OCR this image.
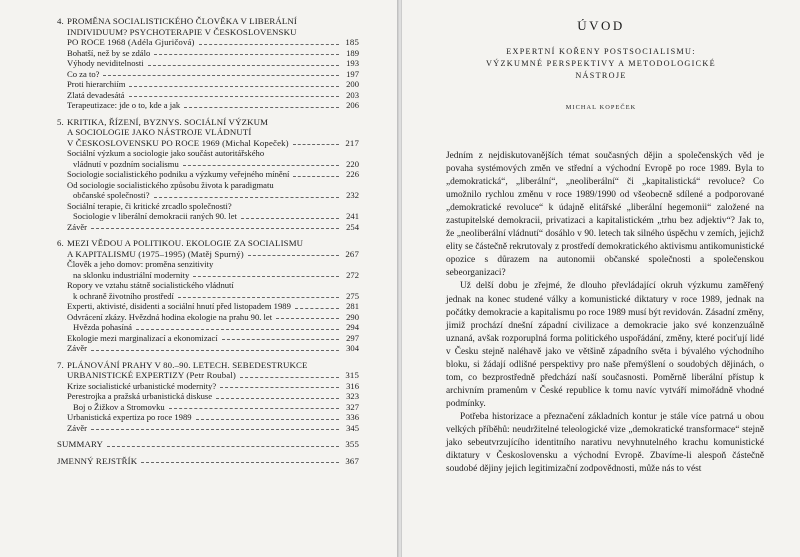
4. PROMĚNA SOCIALISTICKÉHO ČLOVĚKA V LIBERÁLNÍ
INDIVIDUUM? PSYCHOTERAPIE V ČESKOSLOVENSKU
PO ROCE 1968 (Adéla Gjuričová)	185
Bohatší, než by se zdálo	189
Výhody neviditelnosti	193
Co za to?	197
Proti hierarchiím	200
Zlatá devadesátá	203
Terapeutizace: jde o to, kde a jak	206
5. KRITIKA, ŘÍZENÍ, BYZNYS. SOCIÁLNÍ VÝZKUM
A SOCIOLOGIE JAKO NÁSTROJE VLÁDNUTÍ
V ČESKOSLOVENSKU PO ROCE 1969 (Michal Kopeček)	217
Sociální výzkum a sociologie jako součást autoritářského
vládnutí v pozdním socialismu	220
Sociologie socialistického podniku a výzkumy veřejného mínění	226
Od sociologie socialistického způsobu života k paradigmatu
občanské společnosti?	232
Sociální terapie, či kritické zrcadlo společnosti?
Sociologie v liberální demokracii raných 90. let	241
Závěr	254
6. MEZI VĚDOU A POLITIKOU. EKOLOGIE ZA SOCIALISMU
A KAPITALISMU (1975–1995) (Matěj Spurný)	267
Člověk a jeho domov: proměna senzitivity
na sklonku industriální modernity	272
Ropory ve vztahu státně socialistického vládnutí
k ochraně životního prostředí	275
Experti, aktivisté, disidenti a sociální hnutí před listopadem 1989	281
Odvrácení zkázy. Hvězdná hodina ekologie na prahu 90. let	290
Hvězda pohasíná	294
Ekologie mezi marginalizací a ekonomizací	297
Závěr	304
7. PLÁNOVÁNÍ PRAHY V 80.–90. LETECH. SEBEDESTRUKCE
URBANISTICKÉ EXPERTIZY (Petr Roubal)	315
Krize socialistické urbanistické modernity?	316
Perestrojka a pražská urbanistická diskuse	323
Boj o Žižkov a Stromovku	327
Urbanistická expertiza po roce 1989	336
Závěr	345
SUMMARY	355
JMENNÝ REJSTŘÍK	367
ÚVOD
EXPERTNÍ KOŘENY POSTSOCIALISMU:
VÝZKUMNÉ PERSPEKTIVY A METODOLOGICKÉ
NÁSTROJE
MICHAL KOPEČEK

Jedním z nejdiskutovanějších témat současných dějin a společenských věd je povaha systémových změn ve střední a východní Evropě po roce 1989. Byla to „demokratická“, „liberální“, „neoliberální“ či „kapitalistická“ revoluce? Co umožnilo rychlou změnu v roce 1989/1990 od všeobecně sdílené a podporované „demokratické revoluce“ k údajně elitářské „liberální hegemonii“ založené na zastupitelské demokracii, privatizaci a kapitalistickém „trhu bez adjektiv“? Jak to, že „neoliberální vládnutí“ dosáhlo v 90. letech tak silného úspěchu v zemích, jejichž elity se částečně rekrutovaly z prostředí demokratického aktivismu antikomunistické opozice s důrazem na autonomii občanské společnosti a společenskou sebeorganizaci?

Už delší dobu je zřejmé, že dlouho převládající okruh výzkumu zaměřený jednak na konec studené války a komunistické diktatury v roce 1989, jednak na počátky demokracie a kapitalismu po roce 1989 musí být revidován. Zásadní změny, jimiž prochází dnešní západní civilizace a demokracie jako své konzenzuálně uznaná, avšak rozporuplná forma politického uspořádání, změny, které pociťují lidé v Česku stejně naléhavě jako ve většině západního světa i bývalého východního bloku, si žádají odlišné perspektivy pro naše přemýšlení o soudobých dějinách, o tom, co bezprostředně předchází naší současnosti. Poměrně liberální přístup k archivním pramenům v České republice k tomu navíc vytváří mimořádně vhodné podmínky.

Potřeba historizace a přeznačení základních kontur je stále více patrná u obou velkých příběhů: neudržitelné teleologické vize „demokratické transformace“ stejně jako sebeutvrzujícího identitního narativu nevyhnutelného krachu komunistické diktatury v Československu a východní Evropě. Zbavíme-li alespoň částečně soudobé dějiny jejich legitimizační zodpovědnosti, může nás to vést
